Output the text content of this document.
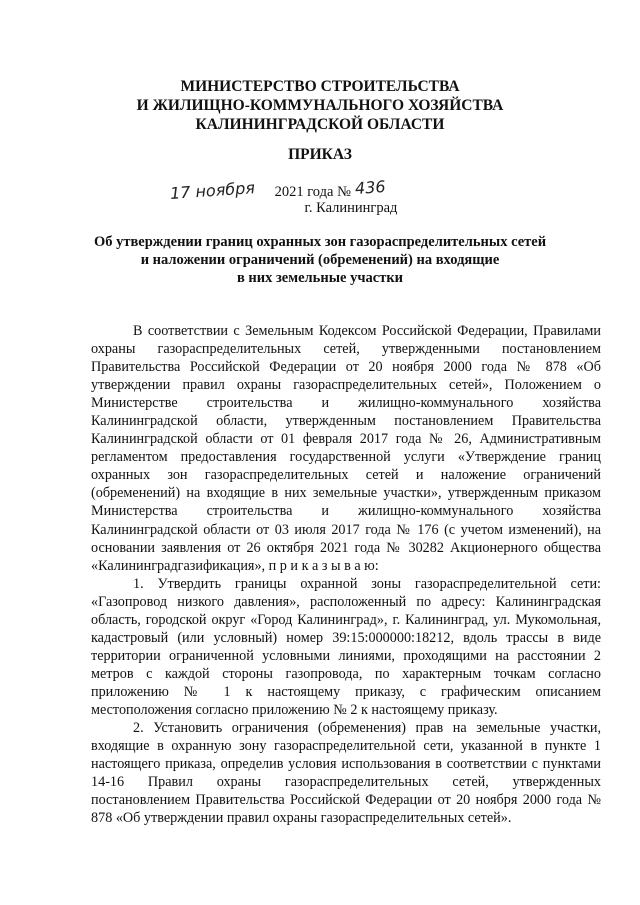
МИНИСТЕРСТВО СТРОИТЕЛЬСТВА
И ЖИЛИЩНО-КОММУНАЛЬНОГО ХОЗЯЙСТВА
КАЛИНИНГРАДСКОЙ ОБЛАСТИ
ПРИКАЗ
17 ноября 2021 года № 436
г. Калининград
Об утверждении границ охранных зон газораспределительных сетей
и наложении ограничений (обременений) на входящие
в них земельные участки

В соответствии с Земельным Кодексом Российской Федерации, Правилами охраны газораспределительных сетей, утвержденными постановлением Правительства Российской Федерации от 20 ноября 2000 года № 878 «Об утверждении правил охраны газораспределительных сетей», Положением о Министерстве строительства и жилищно-коммунального хозяйства Калининградской области, утвержденным постановлением Правительства Калининградской области от 01 февраля 2017 года № 26, Административным регламентом предоставления государственной услуги «Утверждение границ охранных зон газораспределительных сетей и наложение ограничений (обременений) на входящие в них земельные участки», утвержденным приказом Министерства строительства и жилищно-коммунального хозяйства Калининградской области от 03 июля 2017 года № 176 (с учетом изменений), на основании заявления от 26 октября 2021 года № 30282 Акционерного общества «Калининградгазификация», п р и к а з ы в а ю:

1. Утвердить границы охранной зоны газораспределительной сети: «Газопровод низкого давления», расположенный по адресу: Калининградская область, городской округ «Город Калининград», г. Калининград, ул. Мукомольная, кадастровый (или условный) номер 39:15:000000:18212, вдоль трассы в виде территории ограниченной условными линиями, проходящими на расстоянии 2 метров с каждой стороны газопровода, по характерным точкам согласно приложению № 1 к настоящему приказу, с графическим описанием местоположения согласно приложению № 2 к настоящему приказу.

2. Установить ограничения (обременения) прав на земельные участки, входящие в охранную зону газораспределительной сети, указанной в пункте 1 настоящего приказа, определив условия использования в соответствии с пунктами 14-16 Правил охраны газораспределительных сетей, утвержденных постановлением Правительства Российской Федерации от 20 ноября 2000 года № 878 «Об утверждении правил охраны газораспределительных сетей».
